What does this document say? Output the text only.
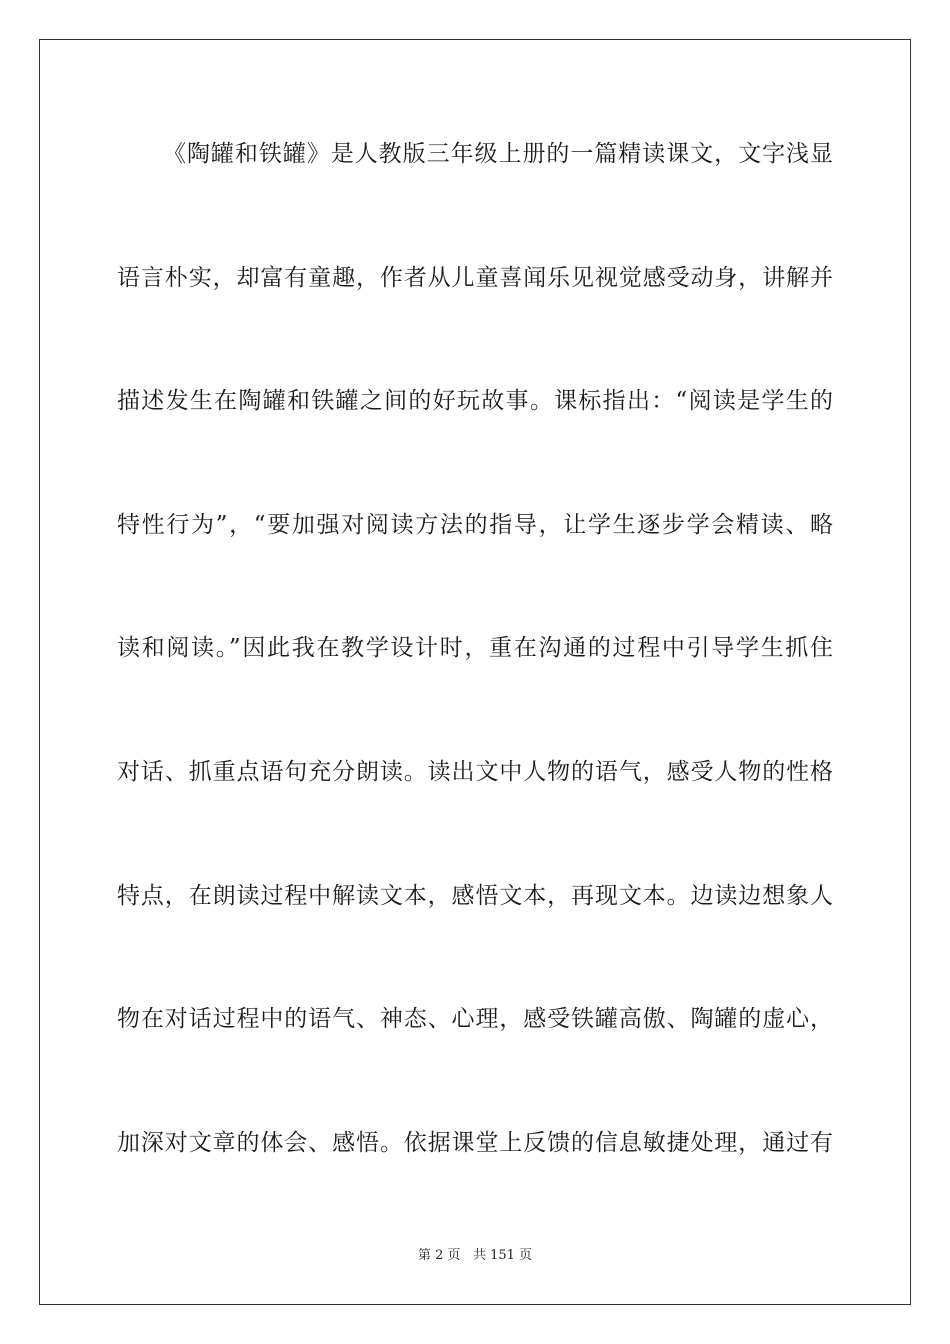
《陶罐和铁罐》是人教版三年级上册的一篇精读课文，文字浅显
语言朴实，却富有童趣，作者从儿童喜闻乐见视觉感受动身，讲解并
描述发生在陶罐和铁罐之间的好玩故事。课标指出：“阅读是学生的
特性行为”，“要加强对阅读方法的指导，让学生逐步学会精读、略
读和阅读。”因此我在教学设计时，重在沟通的过程中引导学生抓住
对话、抓重点语句充分朗读。读出文中人物的语气，感受人物的性格
特点，在朗读过程中解读文本，感悟文本，再现文本。边读边想象人
物在对话过程中的语气、神态、心理，感受铁罐高傲、陶罐的虚心，
加深对文章的体会、感悟。依据课堂上反馈的信息敏捷处理，通过有
第 2 页 共 151 页
